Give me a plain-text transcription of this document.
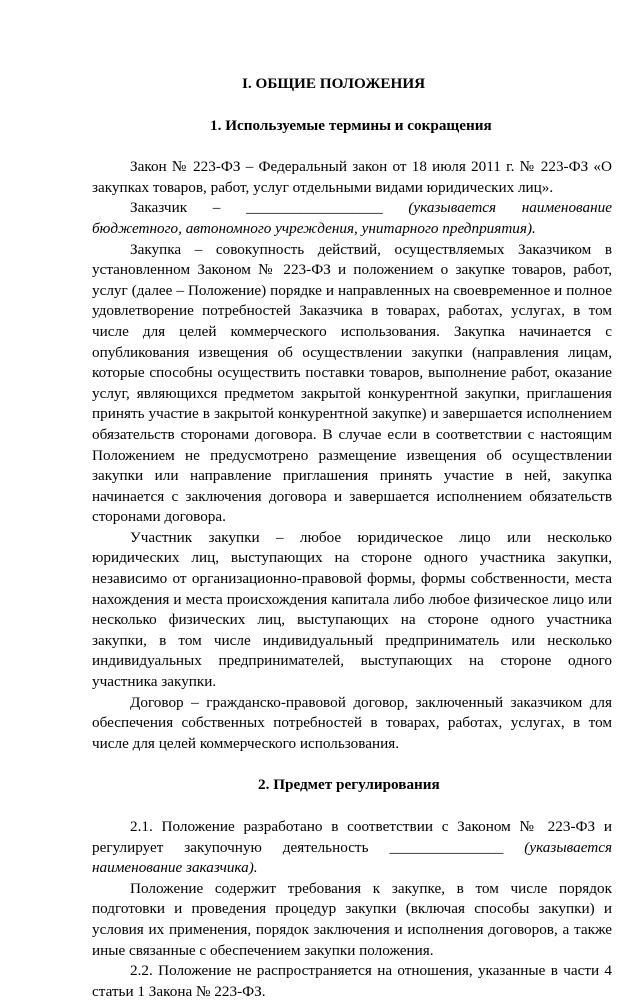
I. ОБЩИЕ ПОЛОЖЕНИЯ

1. Используемые термины и сокращения

Закон № 223-ФЗ – Федеральный закон от 18 июля 2011 г. № 223-ФЗ «О закупках товаров, работ, услуг отдельными видами юридических лиц».

Заказчик – __________________ (указывается наименование бюджетного, автономного учреждения, унитарного предприятия).

Закупка – совокупность действий, осуществляемых Заказчиком в установленном Законом № 223-ФЗ и положением о закупке товаров, работ, услуг (далее – Положение) порядке и направленных на своевременное и полное удовлетворение потребностей Заказчика в товарах, работах, услугах, в том числе для целей коммерческого использования. Закупка начинается с опубликования извещения об осуществлении закупки (направления лицам, которые способны осуществить поставки товаров, выполнение работ, оказание услуг, являющихся предметом закрытой конкурентной закупки, приглашения принять участие в закрытой конкурентной закупке) и завершается исполнением обязательств сторонами договора. В случае если в соответствии с настоящим Положением не предусмотрено размещение извещения об осуществлении закупки или направление приглашения принять участие в ней, закупка начинается с заключения договора и завершается исполнением обязательств сторонами договора.

Участник закупки – любое юридическое лицо или несколько юридических лиц, выступающих на стороне одного участника закупки, независимо от организационно-правовой формы, формы собственности, места нахождения и места происхождения капитала либо любое физическое лицо или несколько физических лиц, выступающих на стороне одного участника закупки, в том числе индивидуальный предприниматель или несколько индивидуальных предпринимателей, выступающих на стороне одного участника закупки.

Договор – гражданско-правовой договор, заключенный заказчиком для обеспечения собственных потребностей в товарах, работах, услугах, в том числе для целей коммерческого использования.

2. Предмет регулирования

2.1. Положение разработано в соответствии с Законом № 223-ФЗ и регулирует закупочную деятельность _______________ (указывается наименование заказчика).

Положение содержит требования к закупке, в том числе порядок подготовки и проведения процедур закупки (включая способы закупки) и условия их применения, порядок заключения и исполнения договоров, а также иные связанные с обеспечением закупки положения.

2.2. Положение не распространяется на отношения, указанные в части 4 статьи 1 Закона № 223-ФЗ.
